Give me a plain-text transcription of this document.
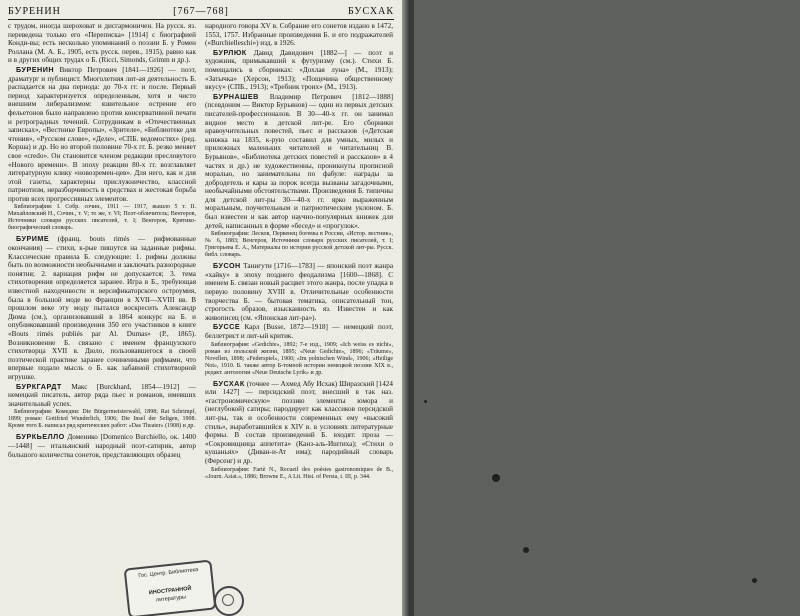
БУРЕНИН	[767—768]	БУСХАК

с трудом, иногда шероховат и дисгармоничен. На русск. яз. переведена только его «Переписка» [1914] с биографией Конди-вы; есть несколько упоминаний о поэзии Б. у Ромен Роллана (М. А. Б., 1905, есть русск. перев., 1915), равно как и в других общих трудах о Б. (Ricci, Simonds, Grimm и др.).

БУРЕНИН Виктор Петрович [1841—1926] — поэт, драматург и публицист. Многолетняя лит-ая деятельность Б. распадается на два периода: до 70-х гг. и после. Первый период характеризуется определенным, хотя и чисто внешним либерализмом: язвительное острение его фельетонов было направлено против консервативной печати и ретроградных течений. Сотрудникам в «Отечественных записках», «Вестнике Европы», «Зрителе», «Библиотеке для чтения», «Русском слове», «Деле», «СПБ. ведомостях» (ред. Корша) и др. Но во второй половине 70-х гг. Б. резко меняет свое «credo». Он становится членом редакции пресловутого «Нового времени». В эпоху реакции 80-х гг. возглавляет литературную клику «новозремен-цев». Для него, как и для этой газеты, характерны прислужничество, классной патриотизм, неразборчивость в средствах и жестокая борьба против всех прогрессивных элементов.

Библиография: I. Собр. сочин., 1911 — 1917, вышло 5 т. II. Михайловский Н., Сочин., т. V; то же, т. VI; Поэт-обличитель; Венгеров, Источники словаря русских писателей, т. I; Венгеров, Критико-биографический словарь.

БУРИМЕ (франц. bouts rimés — рифмованные окончания) — стихи, к-рые пишутся на заданные рифмы. Классические правила Б. следующие: 1. рифмы должны быть по возможности необычными и заключать разнородные понятия; 2. вариация рифм не допускается; 3. тема стихотворения определяется заранее. Игра в Б., требующая известной находчивости и версификаторского остроумия, была в большой моде во Франции в XVII—XVIII вв. В прошлом веке эту моду пытался воскресить Александр Дюма (см.), организовавший в 1864 конкурс на Б. и опубликовавший произведения 350 его участников в книге «Bouts rimés publiés par Al. Dumas» (Р., 1865). Возникновение Б. связано с именем французского стихотворца XVII в. Дюло, пользовавшегося в своей поэтической практике заранее сочиненными рифмами, что впервые подало мысль о Б. как забавной стихотворной игрушке.

БУРКГАРДТ Макс [Burckhard, 1854—1912] — немецкий писатель, автор ряда пьес и романов, имевших значительный успех.

Библиография: Комедии: Die Bürgermeisterwahl, 1898; Rat Schrimpf, 1899; роман: Gottfried Wunderlich, 1906; Die Insel der Seligen, 1908. Кроме того Б. написал ряд критических работ: «Das Theater» (1908) и др.

БУРКЬЕЛЛО Доменико [Domenico Burchiello, ок. 1400—1448] — итальянский народный поэт-сатирик, автор большого количества сонетов, представляющих образец

народного говора XV в. Собрание его сонетов издано в 1472, 1553, 1757. Избранные произведения Б. и его подражателей («Burchielleschi») изд. в 1926.

БУРЛЮК Давид Давидович [1882—] — поэт и художник, примыкавший к футуризму (см.). Стихи Б. помещались в сборниках: «Дохлая луна» (М., 1913); «Затычка» (Херсон, 1913); «Пощечина общественному вкусу» (СПБ., 1913); «Требник троих» (М., 1913).

БУРНАШЕВ Владимир Петрович [1812—1888] (псевдоним — Виктор Бурьянов) — один из первых детских писателей-профессионалов. В 30—40-х гг. он занимал видное место в детской лит-ре. Его сборники нравоучительных повестей, пьес и рассказов («Детская книжка на 1835, к-рую составил для умных, милых и прилежных маленьких читателей и читательниц В. Бурьянов», «Библиотека детских повестей и рассказов» в 4 частях и др.) не художественны, проникнуты прописной моралью, но занимательны по фабуле: награды за добродетель и кары за порок всегда вызваны загадочными, необычайными обстоятельствами. Произведения Б. типичны для детской лит-ры 30—40-х гг. ярко выраженным моральным, поучительным и патриотическим уклоном. Б. был известен и как автор научно-популярных книжек для детей, написанных в форме «бесед» и «прогулок».

Библиография: Лесков, Первенец богемы в России, «Истор. вестник», № 6, 1883; Венгеров, Источники словаря русских писателей, т. I; Григорьева Е. А., Материалы по истории русской детской лит-ры. Русск. библ. словарь.

БУСОН Танигути [1716—1783] — японский поэт жанра «хайку» в эпоху позднего феодализма [1600—1868]. С именем Б. связан новый расцвет этого жанра, после упадка в первую половину XVIII в. Отличительные особенности творчества Б. — бытовая тематика, описательный тон, строгость образов, изысканность яз. Известен и как живописец (см. «Японская лит-ра»).

БУССЕ Карл [Busse, 1872—1918] — немецкий поэт, беллетрист и лит-ый критик.

Библиография: «Gedichte», 1892; 7-е изд., 1909; «Ich weiss es nicht», роман из польской жизни, 1895; «Neue Gedichte», 1896; «Träume», Novellen, 1898; «Federspiel», 1900; «Im polnischen Wind», 1906; «Heilige Not», 1910. Б. также автор Б-томной истории немецкой поэзии XIX в., редакт. антологии «Neue Deutsche Lyrik» и др.

БУСХАК (точнее — Ахмед Абу Исхак) Ширазский [1424 или 1427] — персидский поэт, внесший в так наз. «гастрономическую» поэзию элементы юмора и (неглубокой) сатиры; пародирует как классиков персидской лит-ры, так и особенности современных ему «высокий стиль», выработавшийся к XIV в. в условиях литературные формы. В состав произведений Б. входят: проза — «Сокровищница аппетита» (Канз-аль-Иштиха); «Стихи о кушаньях» (Диван-и-Ат има); пародийный словарь (Ферсенг) и др.

Библиография: Fartè N., Recueil des poésies gastronomiques de B., «Journ. Asiat.», 1886; Browne E., A Lit. Hist. of Persia, t. III, p. 344.

Гос. Центр. Библиотека
ИНОСТРАННОЙ
литературы
